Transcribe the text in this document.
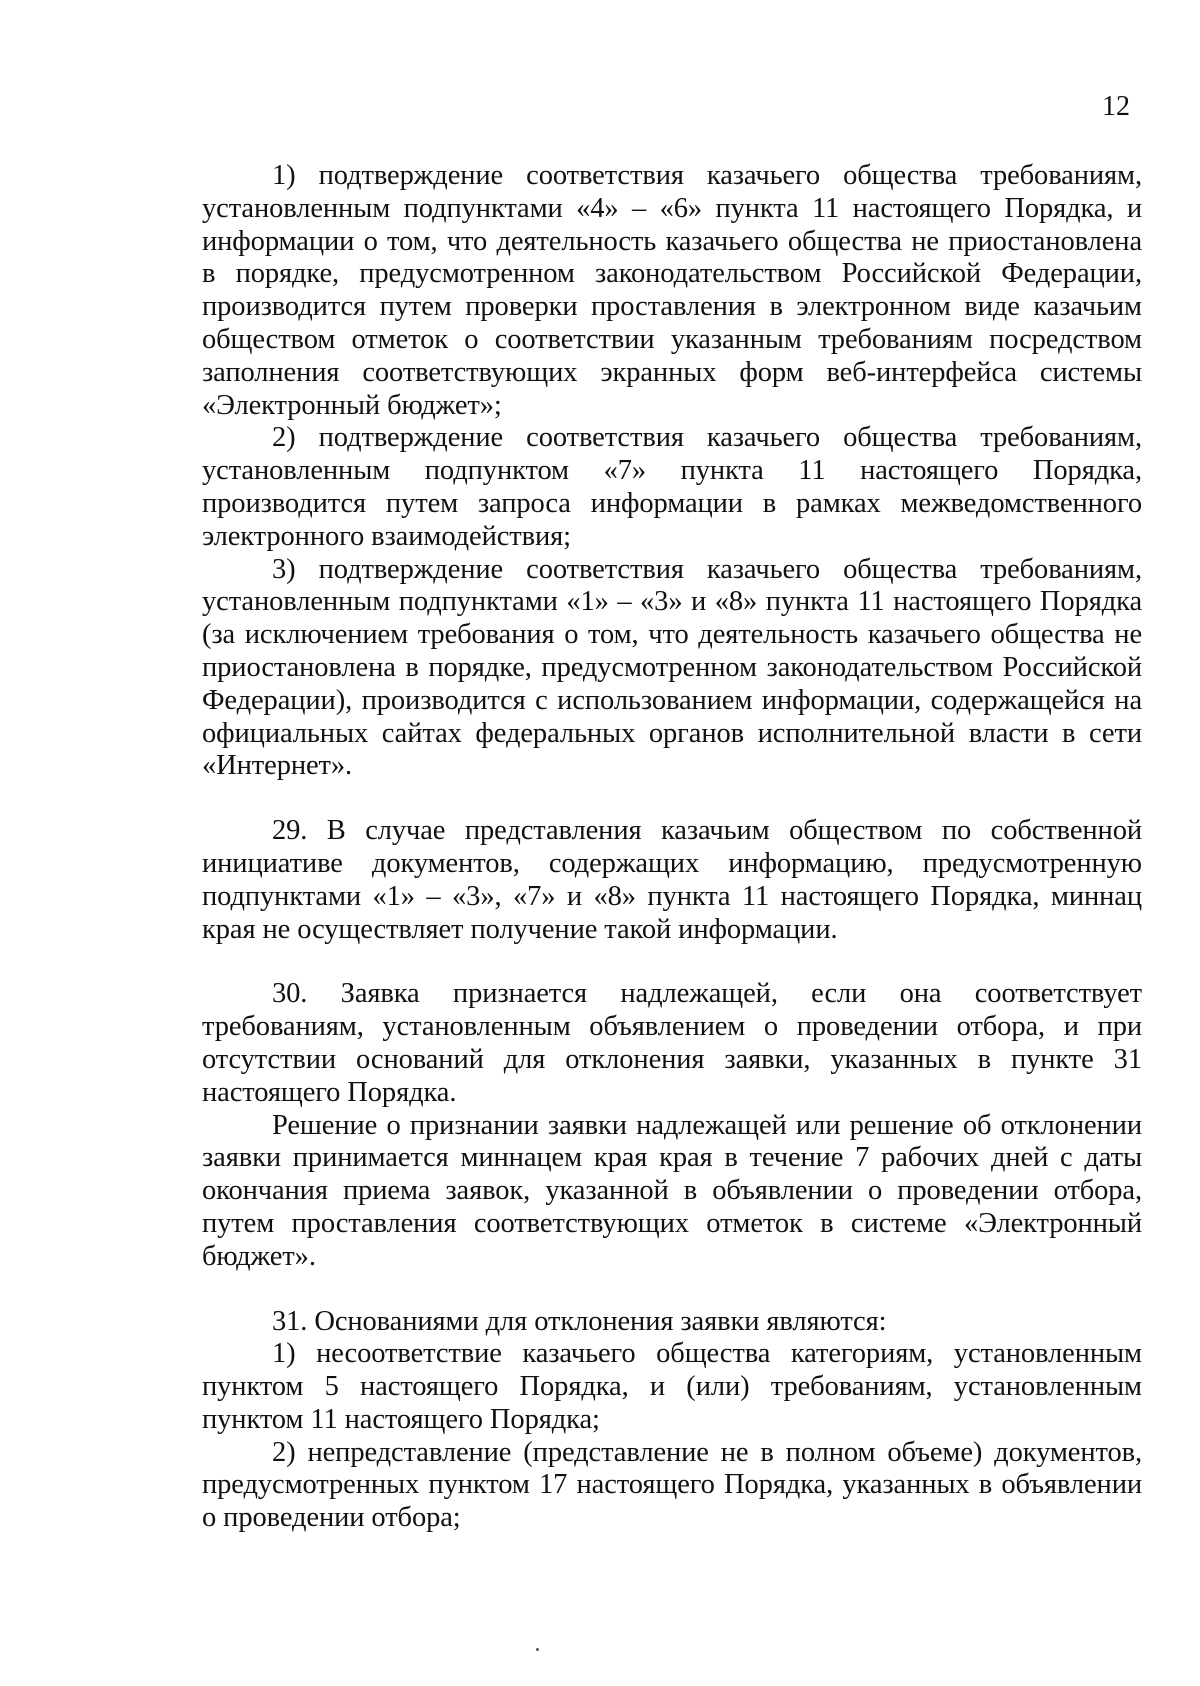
12

1) подтверждение соответствия казачьего общества требованиям, установленным подпунктами «4» – «6» пункта 11 настоящего Порядка, и информации о том, что деятельность казачьего общества не приостановлена в порядке, предусмотренном законодательством Российской Федерации, производится путем проверки проставления в электронном виде казачьим обществом отметок о соответствии указанным требованиям посредством заполнения соответствующих экранных форм веб-интерфейса системы «Электронный бюджет»;

2) подтверждение соответствия казачьего общества требованиям, установленным подпунктом «7» пункта 11 настоящего Порядка, производится путем запроса информации в рамках межведомственного электронного взаимодействия;

3) подтверждение соответствия казачьего общества требованиям, установленным подпунктами «1» – «3» и «8» пункта 11 настоящего Порядка (за исключением требования о том, что деятельность казачьего общества не приостановлена в порядке, предусмотренном законодательством Российской Федерации), производится с использованием информации, содержащейся на официальных сайтах федеральных органов исполнительной власти в сети «Интернет».

29. В случае представления казачьим обществом по собственной инициативе документов, содержащих информацию, предусмотренную подпунктами «1» – «3», «7» и «8» пункта 11 настоящего Порядка, миннац края не осуществляет получение такой информации.

30. Заявка признается надлежащей, если она соответствует требованиям, установленным объявлением о проведении отбора, и при отсутствии оснований для отклонения заявки, указанных в пункте 31 настоящего Порядка.

Решение о признании заявки надлежащей или решение об отклонении заявки принимается миннацем края края в течение 7 рабочих дней с даты окончания приема заявок, указанной в объявлении о проведении отбора, путем проставления соответствующих отметок в системе «Электронный бюджет».

31. Основаниями для отклонения заявки являются:

1) несоответствие казачьего общества категориям, установленным пунктом 5 настоящего Порядка, и (или) требованиям, установленным пунктом 11 настоящего Порядка;

2) непредставление (представление не в полном объеме) документов, предусмотренных пунктом 17 настоящего Порядка, указанных в объявлении о проведении отбора;
